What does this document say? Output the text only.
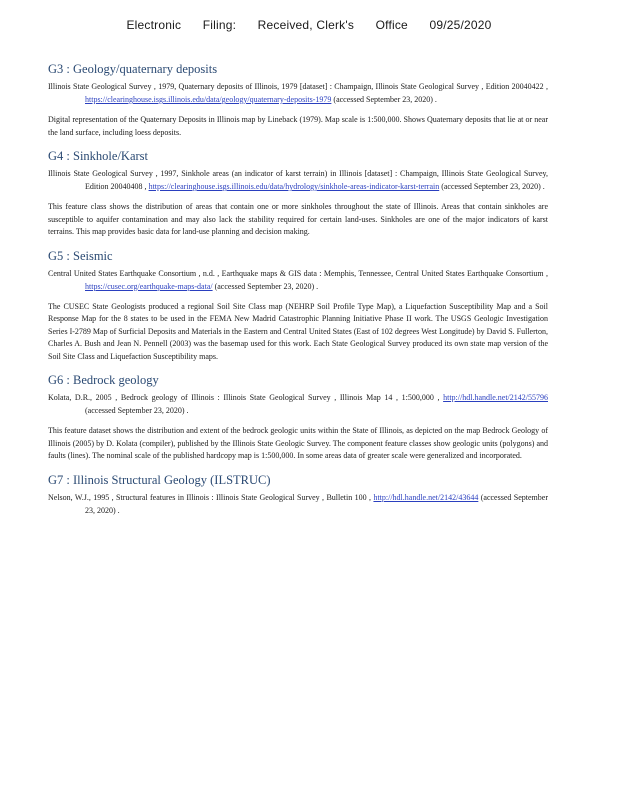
Electronic Filing: Received, Clerk's Office 09/25/2020
G3 : Geology/quaternary deposits

Illinois State Geological Survey , 1979, Quaternary deposits of Illinois, 1979 [dataset] : Champaign, Illinois State Geological Survey , Edition 20040422 , https://clearinghouse.isgs.illinois.edu/data/geology/quaternary-deposits-1979 (accessed September 23, 2020) .

Digital representation of the Quaternary Deposits in Illinois map by Lineback (1979). Map scale is 1:500,000. Shows Quaternary deposits that lie at or near the land surface, including loess deposits.

G4 : Sinkhole/Karst

Illinois State Geological Survey , 1997, Sinkhole areas (an indicator of karst terrain) in Illinois [dataset] : Champaign, Illinois State Geological Survey, Edition 20040408 , https://clearinghouse.isgs.illinois.edu/data/hydrology/sinkhole-areas-indicator-karst-terrain (accessed September 23, 2020) .

This feature class shows the distribution of areas that contain one or more sinkholes throughout the state of Illinois. Areas that contain sinkholes are susceptible to aquifer contamination and may also lack the stability required for certain land-uses. Sinkholes are one of the major indicators of karst terrains. This map provides basic data for land-use planning and decision making.

G5 : Seismic

Central United States Earthquake Consortium , n.d. , Earthquake maps & GIS data : Memphis, Tennessee, Central United States Earthquake Consortium , https://cusec.org/earthquake-maps-data/ (accessed September 23, 2020) .

The CUSEC State Geologists produced a regional Soil Site Class map (NEHRP Soil Profile Type Map), a Liquefaction Susceptibility Map and a Soil Response Map for the 8 states to be used in the FEMA New Madrid Catastrophic Planning Initiative Phase II work. The USGS Geologic Investigation Series I-2789 Map of Surficial Deposits and Materials in the Eastern and Central United States (East of 102 degrees West Longitude) by David S. Fullerton, Charles A. Bush and Jean N. Pennell (2003) was the basemap used for this work. Each State Geological Survey produced its own state map version of the Soil Site Class and Liquefaction Susceptibility maps.

G6 : Bedrock geology

Kolata, D.R., 2005 , Bedrock geology of Illinois : Illinois State Geological Survey , Illinois Map 14 , 1:500,000 , http://hdl.handle.net/2142/55796 (accessed September 23, 2020) .

This feature dataset shows the distribution and extent of the bedrock geologic units within the State of Illinois, as depicted on the map Bedrock Geology of Illinois (2005) by D. Kolata (compiler), published by the Illinois State Geologic Survey. The component feature classes show geologic units (polygons) and faults (lines). The nominal scale of the published hardcopy map is 1:500,000. In some areas data of greater scale were generalized and incorporated.

G7 : Illinois Structural Geology (ILSTRUC)

Nelson, W.J., 1995 , Structural features in Illinois : Illinois State Geological Survey , Bulletin 100 , http://hdl.handle.net/2142/43644 (accessed September 23, 2020) .
